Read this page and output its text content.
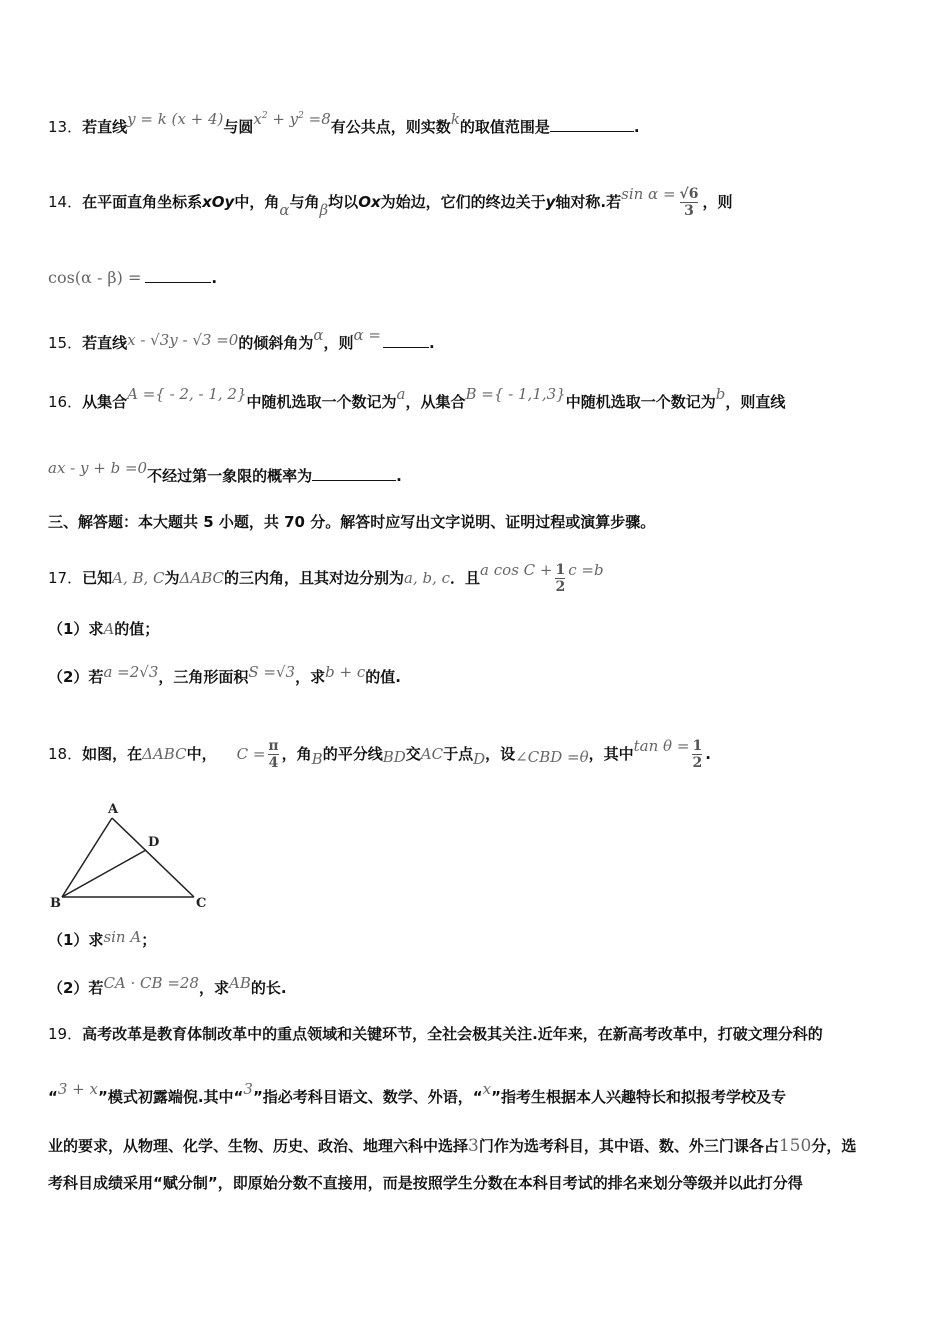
13．若直线y = k (x + 4)与圆$x^2 + y^2 =8$有公共点，则实数k的取值范围是	.
14．在平面直角坐标系xOy中，角α与角β均以Ox为始边，它们的终边关于y轴对称.若$\sin \alpha = \frac{√6}{3}$ ，则
cos(α - β) =	.
15．若直线x - √3y - √3 =0的倾斜角为α，则α =	.
16．从集合A ={ - 2, - 1, 2}中随机选取一个数记为a，从集合B ={ - 1,1,3}中随机选取一个数记为b，则直线
ax - y + b =0不经过第一象限的概率为	.
三、解答题：本大题共 5 小题，共 70 分。解答时应写出文字说明、证明过程或演算步骤。
17．已知A, B, C为ΔABC的三内角，且其对边分别为a, b, c．且a $\cos C + \frac{1}{2}$ c =b
（1）求A的值；
（2）若a =2√3，三角形面积S =√3，求b + c的值.
18．如图，在ΔABC中， $C = \frac{\pi}{4}$ ，角B的平分线BD交AC于点D，设∠CBD =θ，其中$\tan \theta = \frac{1}{2}$ .
A
B	C
D
（1）求sin A；
（2）若CA · CB =28，求AB的长.
19．高考改革是教育体制改革中的重点领域和关键环节，全社会极其关注.近年来，在新高考改革中，打破文理分科的
“3 + x”模式初露端倪.其中“3”指必考科目语文、数学、外语，“x”指考生根据本人兴趣特长和拟报考学校及专
业的要求，从物理、化学、生物、历史、政治、地理六科中选择3门作为选考科目，其中语、数、外三门课各占150分，选
考科目成绩采用“赋分制”，即原始分数不直接用，而是按照学生分数在本科目考试的排名来划分等级并以此打分得
